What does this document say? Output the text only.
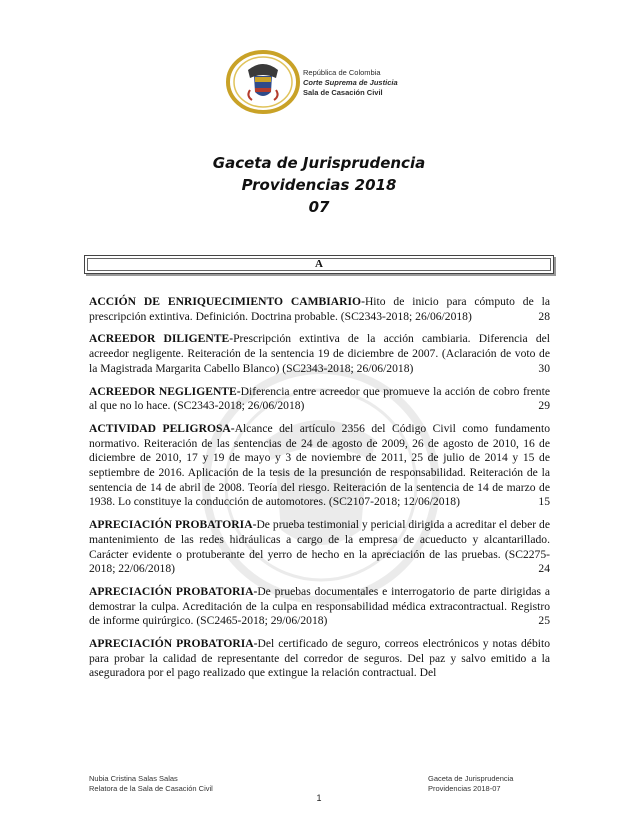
República de Colombia
Corte Suprema de Justicia
Sala de Casación Civil
Gaceta de Jurisprudencia
Providencias 2018
07
A
ACCIÓN DE ENRIQUECIMIENTO CAMBIARIO-Hito de inicio para cómputo de la prescripción extintiva. Definición. Doctrina probable. (SC2343-2018; 26/06/2018)	28
ACREEDOR DILIGENTE-Prescripción extintiva de la acción cambiaria. Diferencia del acreedor negligente. Reiteración de la sentencia 19 de diciembre de 2007. (Aclaración de voto de la Magistrada Margarita Cabello Blanco) (SC2343-2018; 26/06/2018)	30
ACREEDOR NEGLIGENTE-Diferencia entre acreedor que promueve la acción de cobro frente al que no lo hace. (SC2343-2018; 26/06/2018)	29
ACTIVIDAD PELIGROSA-Alcance del artículo 2356 del Código Civil como fundamento normativo. Reiteración de las sentencias de 24 de agosto de 2009, 26 de agosto de 2010, 16 de diciembre de 2010, 17 y 19 de mayo y 3 de noviembre de 2011, 25 de julio de 2014 y 15 de septiembre de 2016. Aplicación de la tesis de la presunción de responsabilidad. Reiteración de la sentencia de 14 de abril de 2008. Teoría del riesgo. Reiteración de la sentencia de 14 de marzo de 1938. Lo constituye la conducción de automotores. (SC2107-2018; 12/06/2018)	15
APRECIACIÓN PROBATORIA-De prueba testimonial y pericial dirigida a acreditar el deber de mantenimiento de las redes hidráulicas a cargo de la empresa de acueducto y alcantarillado. Carácter evidente o protuberante del yerro de hecho en la apreciación de las pruebas. (SC2275-2018; 22/06/2018)	24
APRECIACIÓN PROBATORIA-De pruebas documentales e interrogatorio de parte dirigidas a demostrar la culpa. Acreditación de la culpa en responsabilidad médica extracontractual. Registro de informe quirúrgico. (SC2465-2018; 29/06/2018)	25
APRECIACIÓN PROBATORIA-Del certificado de seguro, correos electrónicos y notas débito para probar la calidad de representante del corredor de seguros. Del paz y salvo emitido a la aseguradora por el pago realizado que extingue la relación contractual. Del
Nubia Cristina Salas Salas
Relatora de la Sala de Casación Civil
Gaceta de Jurisprudencia
Providencias 2018-07
1
